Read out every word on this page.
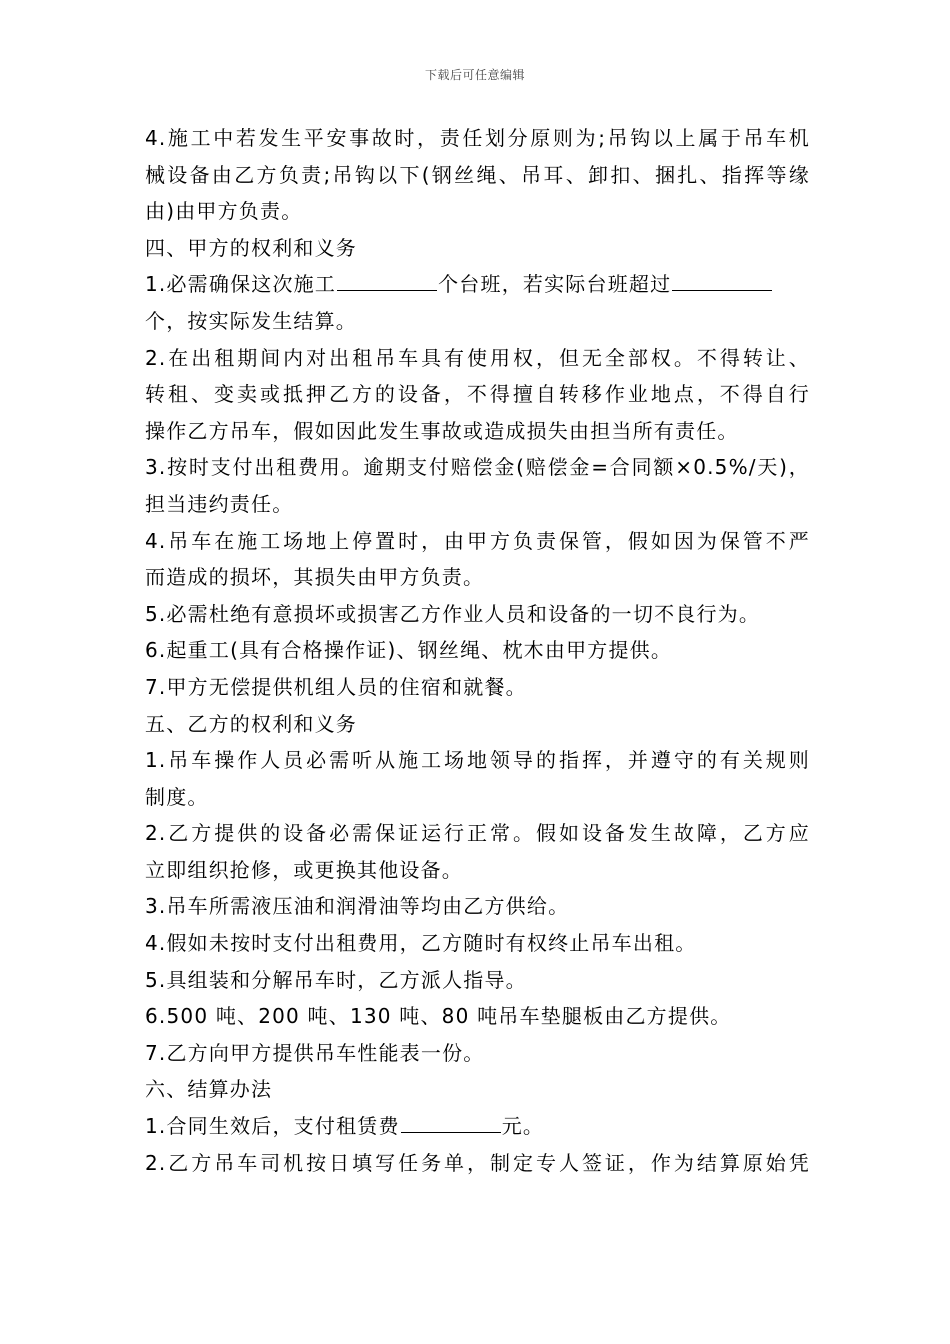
下载后可任意编辑
4.施工中若发生平安事故时，责任划分原则为;吊钩以上属于吊车机
械设备由乙方负责;吊钩以下(钢丝绳、吊耳、卸扣、捆扎、指挥等缘
由)由甲方负责。
四、甲方的权利和义务
1.必需确保这次施工	个台班，若实际台班超过
个，按实际发生结算。
2.在出租期间内对出租吊车具有使用权，但无全部权。不得转让、
转租、变卖或抵押乙方的设备，不得擅自转移作业地点，不得自行
操作乙方吊车，假如因此发生事故或造成损失由担当所有责任。
3.按时支付出租费用。逾期支付赔偿金(赔偿金=合同额×0.5%/天)，
担当违约责任。
4.吊车在施工场地上停置时，由甲方负责保管，假如因为保管不严
而造成的损坏，其损失由甲方负责。
5.必需杜绝有意损坏或损害乙方作业人员和设备的一切不良行为。
6.起重工(具有合格操作证)、钢丝绳、枕木由甲方提供。
7.甲方无偿提供机组人员的住宿和就餐。
五、乙方的权利和义务
1.吊车操作人员必需听从施工场地领导的指挥，并遵守的有关规则
制度。
2.乙方提供的设备必需保证运行正常。假如设备发生故障，乙方应
立即组织抢修，或更换其他设备。
3.吊车所需液压油和润滑油等均由乙方供给。
4.假如未按时支付出租费用，乙方随时有权终止吊车出租。
5.具组装和分解吊车时，乙方派人指导。
6.500 吨、200 吨、130 吨、80 吨吊车垫腿板由乙方提供。
7.乙方向甲方提供吊车性能表一份。
六、结算办法
1.合同生效后，支付租赁费	元。
2.乙方吊车司机按日填写任务单，制定专人签证，作为结算原始凭
